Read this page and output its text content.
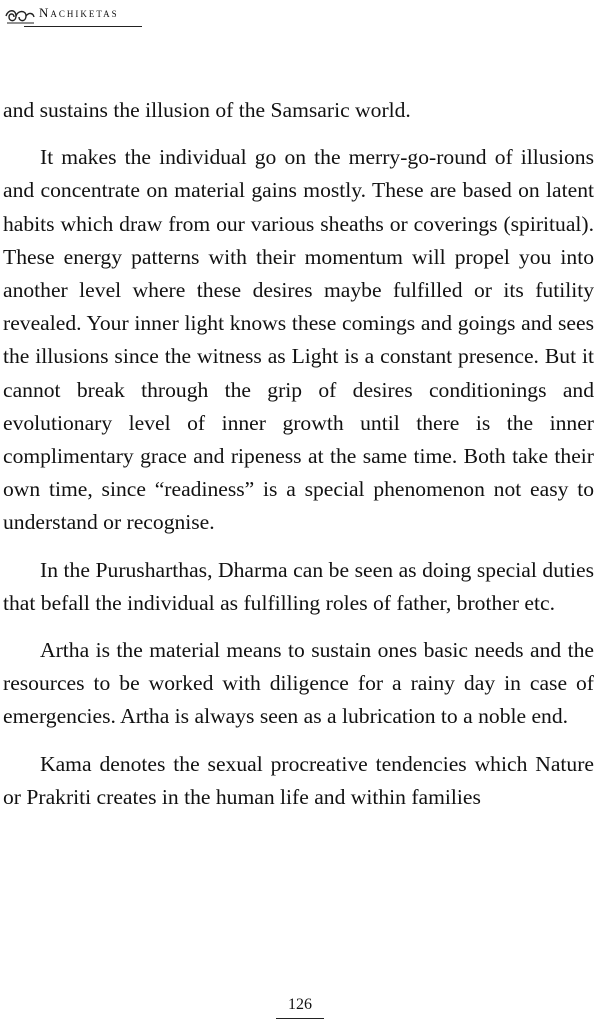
Nachiketas

and sustains the illusion of the Samsaric world.

It makes the individual go on the merry-go-round of illusions and concentrate on material gains mostly. These are based on latent habits which draw from our various sheaths or coverings (spiritual). These energy patterns with their momentum will propel you into another level where these desires maybe fulfilled or its futility revealed. Your inner light knows these comings and goings and sees the illusions since the witness as Light is a constant presence. But it cannot break through the grip of desires conditionings and evolutionary level of inner growth until there is the inner complimentary grace and ripeness at the same time. Both take their own time, since “readiness” is a special phenomenon not easy to understand or recognise.

In the Purusharthas, Dharma can be seen as doing special duties that befall the individual as fulfilling roles of father, brother etc.

Artha is the material means to sustain ones basic needs and the resources to be worked with diligence for a rainy day in case of emergencies. Artha is always seen as a lubrication to a noble end.

Kama denotes the sexual procreative tendencies which Nature or Prakriti creates in the human life and within families

126
